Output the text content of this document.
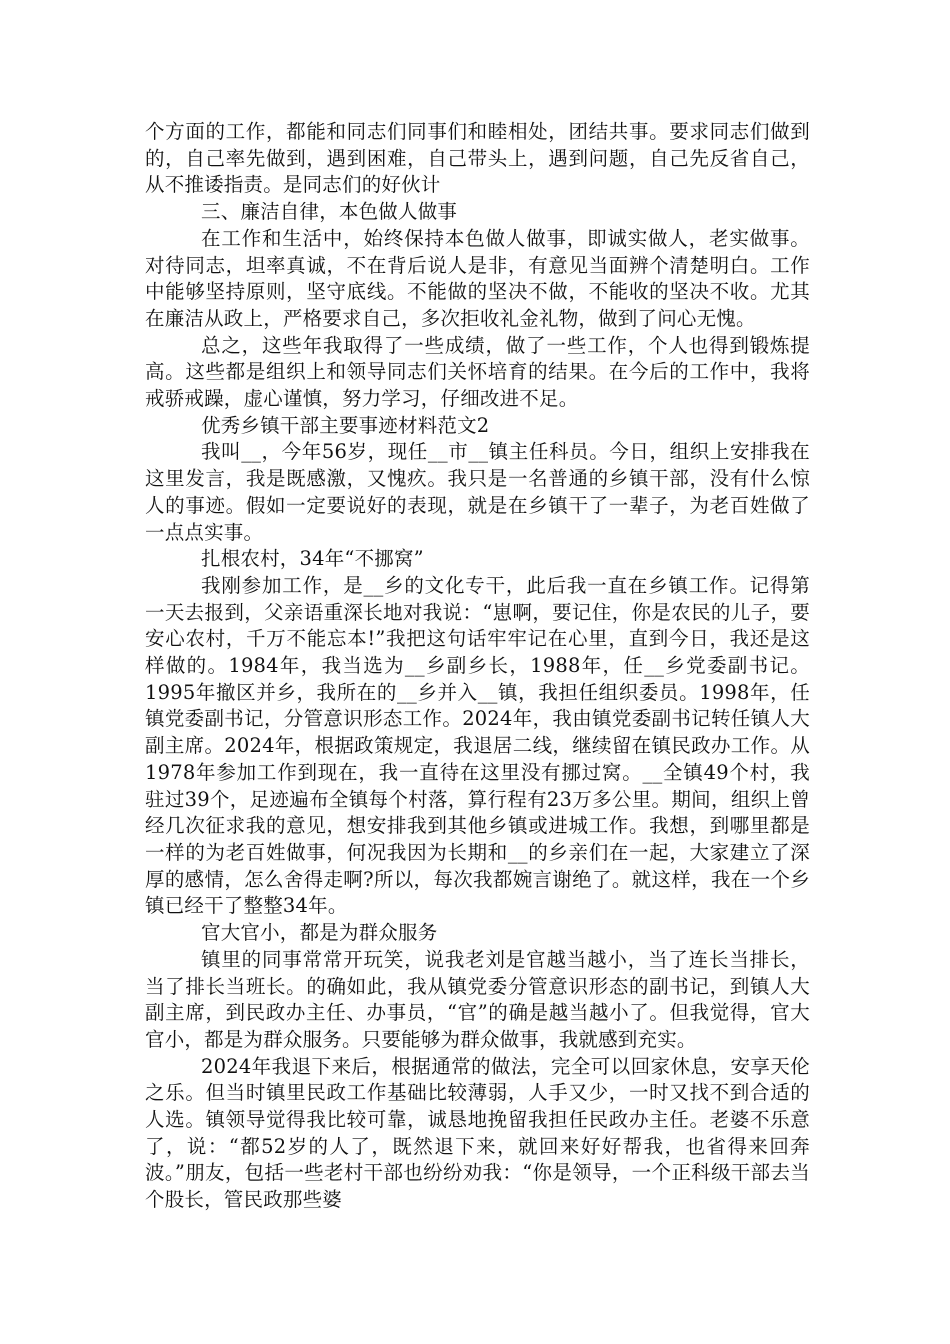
个方面的工作，都能和同志们同事们和睦相处，团结共事。要求同志们做到的，自己率先做到，遇到困难，自己带头上，遇到问题，自己先反省自己，从不推诿指责。是同志们的好伙计

三、廉洁自律，本色做人做事

在工作和生活中，始终保持本色做人做事，即诚实做人，老实做事。对待同志，坦率真诚，不在背后说人是非，有意见当面辨个清楚明白。工作中能够坚持原则，坚守底线。不能做的坚决不做，不能收的坚决不收。尤其在廉洁从政上，严格要求自己，多次拒收礼金礼物，做到了问心无愧。

总之，这些年我取得了一些成绩，做了一些工作，个人也得到锻炼提高。这些都是组织上和领导同志们关怀培育的结果。在今后的工作中，我将戒骄戒躁，虚心谨慎，努力学习，仔细改进不足。

优秀乡镇干部主要事迹材料范文2

我叫__，今年56岁，现任__市__镇主任科员。今日，组织上安排我在这里发言，我是既感激，又愧疚。我只是一名普通的乡镇干部，没有什么惊人的事迹。假如一定要说好的表现，就是在乡镇干了一辈子，为老百姓做了一点点实事。

扎根农村，34年“不挪窝”

我刚参加工作，是__乡的文化专干，此后我一直在乡镇工作。记得第一天去报到，父亲语重深长地对我说：“崽啊，要记住，你是农民的儿子，要安心农村，千万不能忘本!”我把这句话牢牢记在心里，直到今日，我还是这样做的。1984年，我当选为__乡副乡长，1988年，任__乡党委副书记。1995年撤区并乡，我所在的__乡并入__镇，我担任组织委员。1998年，任镇党委副书记，分管意识形态工作。2024年，我由镇党委副书记转任镇人大副主席。2024年，根据政策规定，我退居二线，继续留在镇民政办工作。从1978年参加工作到现在，我一直待在这里没有挪过窝。__全镇49个村，我驻过39个，足迹遍布全镇每个村落，算行程有23万多公里。期间，组织上曾经几次征求我的意见，想安排我到其他乡镇或进城工作。我想，到哪里都是一样的为老百姓做事，何况我因为长期和__的乡亲们在一起，大家建立了深厚的感情，怎么舍得走啊?所以，每次我都婉言谢绝了。就这样，我在一个乡镇已经干了整整34年。

官大官小，都是为群众服务

镇里的同事常常开玩笑，说我老刘是官越当越小，当了连长当排长，当了排长当班长。的确如此，我从镇党委分管意识形态的副书记，到镇人大副主席，到民政办主任、办事员，“官”的确是越当越小了。但我觉得，官大官小，都是为群众服务。只要能够为群众做事，我就感到充实。

2024年我退下来后，根据通常的做法，完全可以回家休息，安享天伦之乐。但当时镇里民政工作基础比较薄弱，人手又少，一时又找不到合适的人选。镇领导觉得我比较可靠，诚恳地挽留我担任民政办主任。老婆不乐意了，说：“都52岁的人了，既然退下来，就回来好好帮我，也省得来回奔波。”朋友，包括一些老村干部也纷纷劝我：“你是领导，一个正科级干部去当个股长，管民政那些婆
